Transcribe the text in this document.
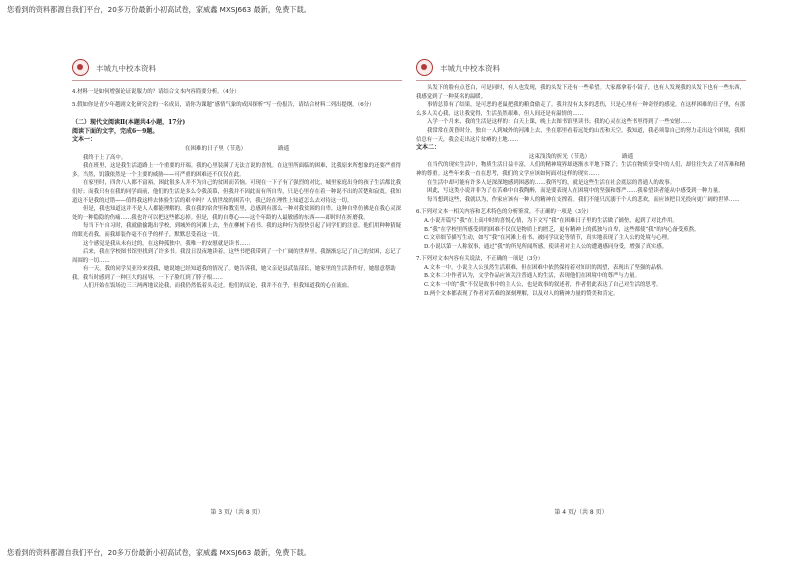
您看到的资料都源自我们平台，20多万份最新小初高试卷，家威鑫 MXSJ663 最新，免费下载。
丰城九中校本资料

4.材料一是如何增强论证说服力的？请结合文本内容简要分析。（4分）

5.假如你是青少年越剧文化研究会的一名成员，请你为课题“感情气象的成因探析”写一份报告，请结合材料二列出提纲。（6分）

（二）现代文阅读Ⅱ(本题共4小题，17分)
阅读下面的文字，完成6～9题。
文本一：
在困难的日子里（节选）	路遥

我终于上了高中。

我在班里，这是我生活道路上一个重要的开端。我的心里装满了无法言说的喜悦。在这里所面临的困难，比我原来所想象的还要严重得多。当然，饥饿依然是一个主要的威胁——可严重的困难还不仅仅在此。

在家里时，四舍八人都不富裕，困此很多人并不为自己的贫困而苦恼。可现在一下子有了强烈的对比，城里家庭出身的孩子生活都比我们好；而我只有在我的同学面前，他们的生活是多么令我羡慕，但我并不因此而有所自卑，只是心里存在着一种说不出的苦楚和寂寞。我知道这不是我的过错——值得我这样去体验生活的艰辛吗？人情世故的困苦中，我已经在理性上知道怎么去对待这一切。

但是，我也知道这并不是人人都能理解的。我在我的宿舍里和教室里，总感到有那么一种对我贫困的自卑。这种自卑仿佛是在我心灵深处的一种隐隐的伤痛……我也许可以把这些都忘掉。但是，我的自尊心——这个年龄的人最敏感的东西——却时时在折磨我。

每当下午自习时，我就偷偷跑出学校，到城外的河滩上去，坐在柳树下看书。我的这种行为很快引起了同学们的注意。他们用种种猜疑的眼光看我，而我却装作毫不在乎的样子，默默忍受着这一切。

这个感觉是我从未有过的。在这种孤独中，我唯一的安慰就是读书……

后来，我在学校图书馆里找到了许多书。我没日没夜地读着，这些书把我带到了一个广阔的世界里。我渐渐忘记了自己的贫困，忘记了周围的一切……

有一天，我的同学吴亚玲来找我，她说她已经知道我的情况了。她告诉我，她父亲是县武装部长，她家里的生活条件好，她愿意帮助我。我当时感到了一种巨大的屈辱，一下子脸红到了脖子根……

人们开始在饭场边三三两两地议论我，而我仍然低着头走过。他们的议论，我并不在乎，但我知道我的心在流血。

第 3 页/（共 8 页）
丰城九中校本资料

头发下的脸有点苍白，可是同时，有人也发现，我的头发下还有一些希望。大家都拿着小镜子，也有人发现我的头发下也有一些东西，我感觉到了一种莫名的温暖。

事情总算有了结果，是可恶的老鼠把我的粮食偷走了。我并没有太多的悲伤，只是心里有一种奇怪的感觉。在这样困难的日子里，有那么多人关心我，这让我觉得，生活虽然艰难，但人间还是有温情的……

入学一个月来，我的生活是这样的：白天上课，晚上去图书馆里读书；我的心灵在这些书里得到了一些安慰……

我常常在黄昏时分，独自一人到城外的河滩上去，坐在那里看着远处的山峦和天空。我知道，我必须靠自己的努力走出这个困境，我相信总有一天，我会走出这片贫瘠的土地……

文本二：
这束浅浅的折光（节选）	路遥

在当代的现实生活中，物质生活日益丰富，人们的精神境界却逐渐水平地下降了；生活在物质享受中的人们，却往往失去了对苦难和精神的尊重。这些年来我一直在思考，我们的文学应该如何面对这样的现实……

在生活中却可能有许多人是深深地感到困惑的……我所写的，就是这些生活在社会底层的普通人的故事。

困此，写这类小说并非为了在苦难中自我陶醉，而是要表现人在困境中的坚强和尊严……我希望读者能从中感受到一种力量。

每当想到这些，我就以为，作家应该有一种人的精神在支撑着。我们不能只沉溺于个人的悲欢，而应该把目光投向更广阔的世界……

6.下列对文本一相关内容和艺术特色的分析鉴赏，不正确的一项是（3分）

A.小说开篇写“我”在上高中时的喜悦心情，为下文写“我”在困难日子里的生活做了铺垫，起到了对比作用。

B.“我”在学校里所感受到的困难不仅仅是物质上的匮乏，更有精神上的孤独与自卑，这些都使“我”的内心备受煎熬。

C.文章细节描写生动，如写“我”在河滩上看书、被同学议论等情节，真实地表现了主人公的处境与心理。

D.小说以第一人称叙事，通过“我”的所见所闻所感，使读者对主人公的遭遇感同身受，增强了真实感。

7.下列对文本内容有关说法，不正确的一项是（3分）

A.文本一中，小说主人公虽然生活艰难，但在困难中依然保持着对知识的渴望，表现出了坚强的品格。

B.文本二中作者认为，文学作品应该关注普通人的生活，表现他们在困境中的尊严与力量。

C.文本一中的“我”不仅是故事中的主人公，也是故事的叙述者，作者借此表达了自己对生活的思考。

D.两个文本都表现了作者对苦难的深刻理解，以及对人的精神力量的赞美和肯定。

第 4 页/（共 8 页）
您看到的资料都源自我们平台，20多万份最新小初高试卷，家威鑫 MXSJ663 最新，免费下载。
